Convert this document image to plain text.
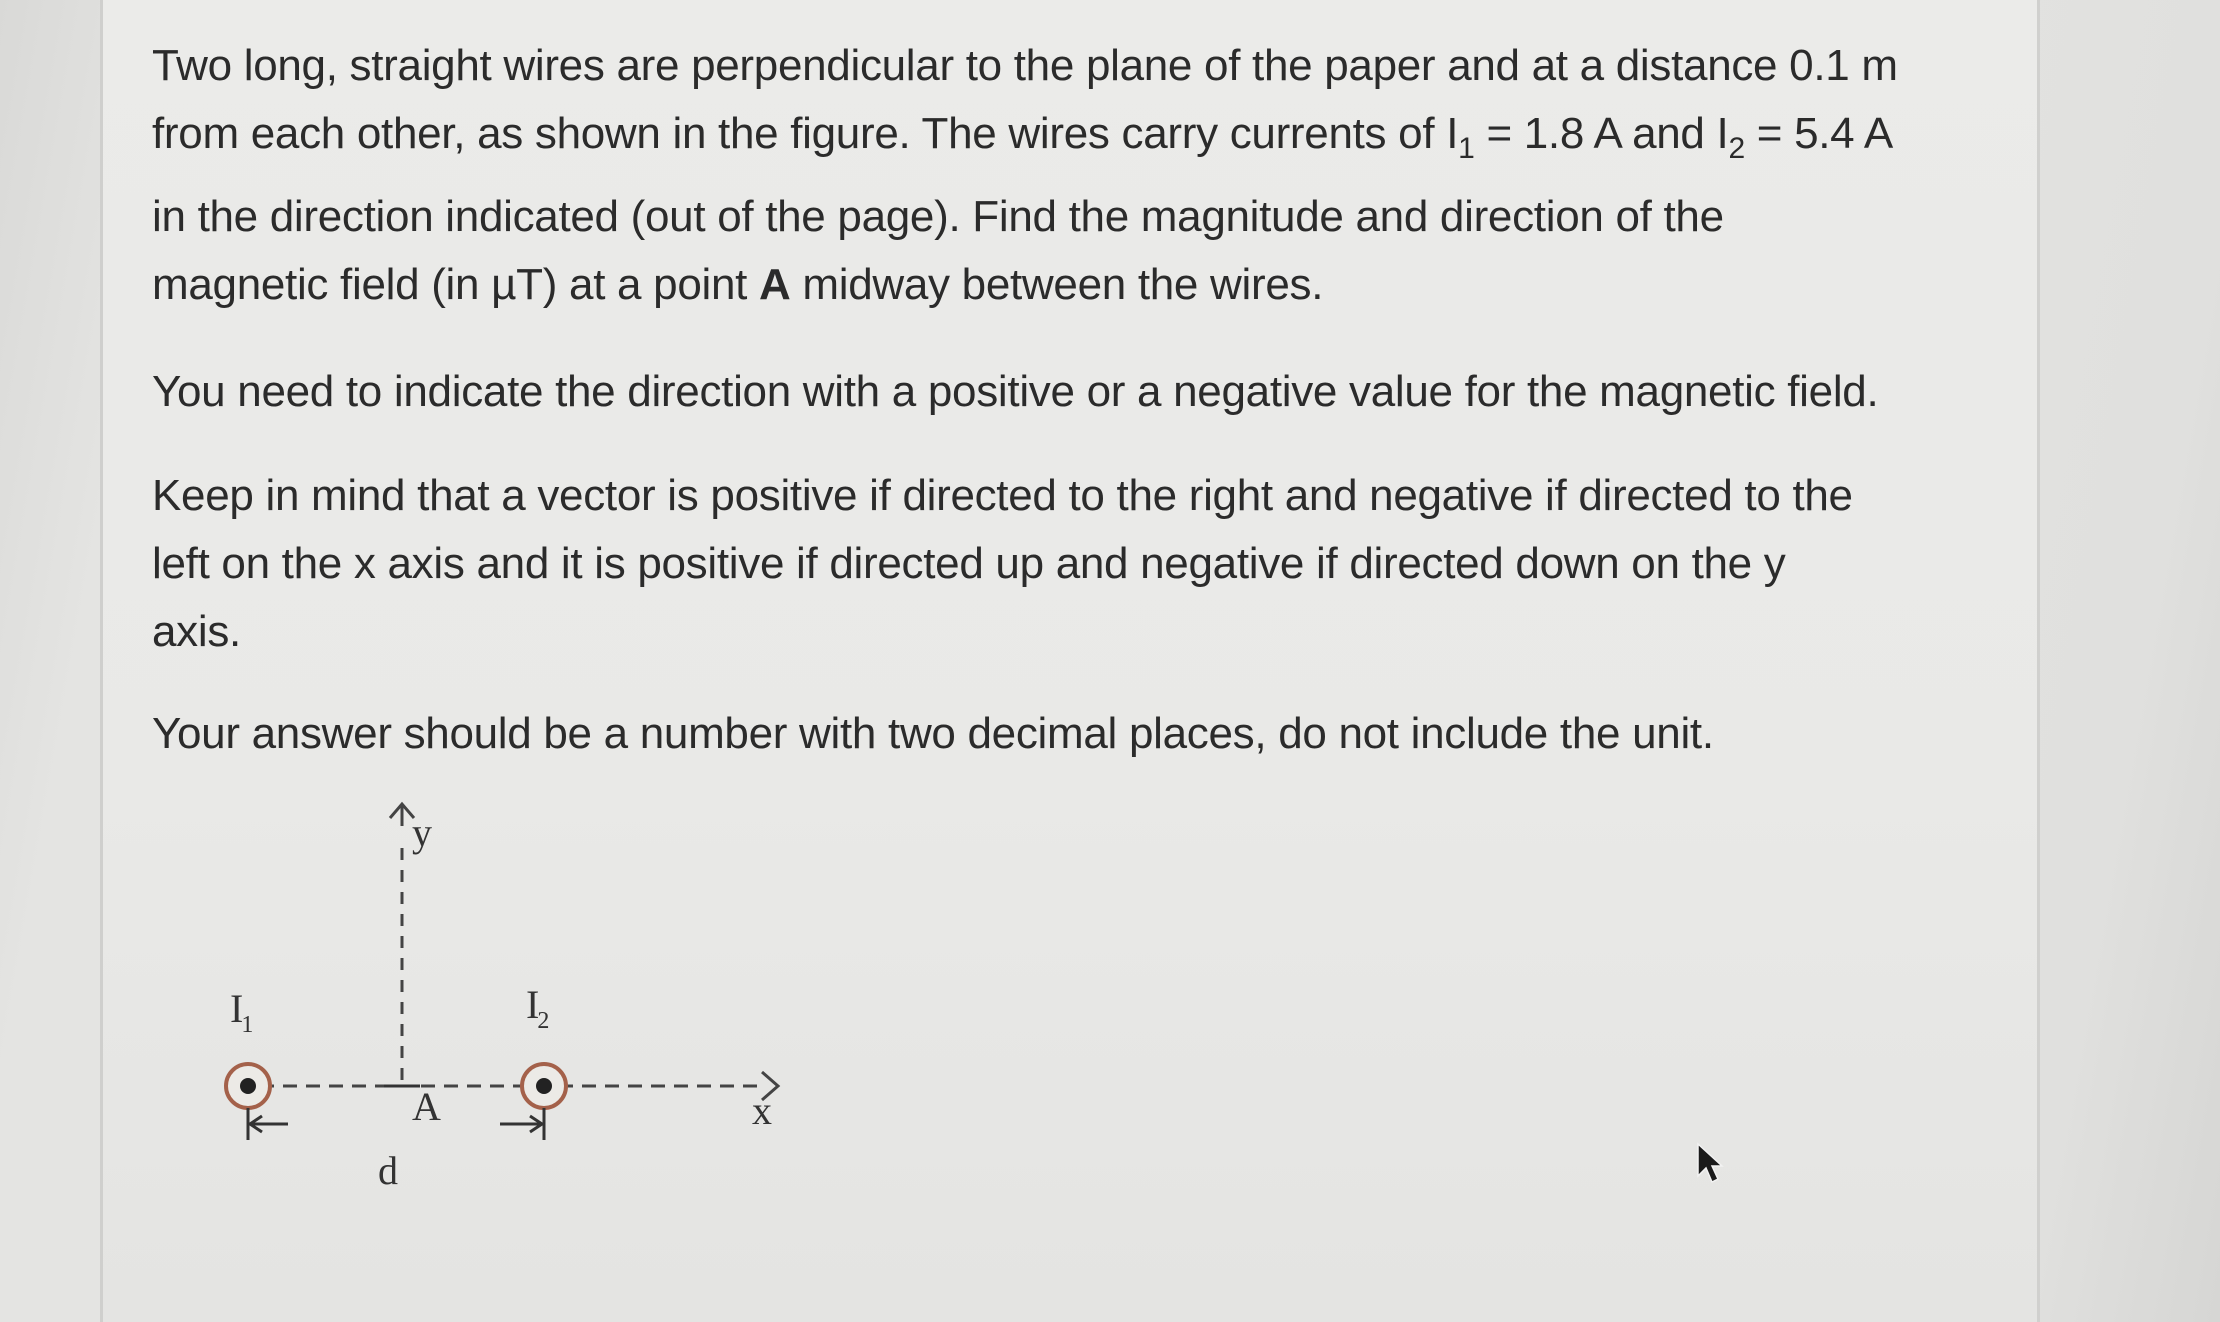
Two long, straight wires are perpendicular to the plane of the paper and at a distance 0.1 m
from each other, as shown in the figure. The wires carry currents of $I_1 = 1.8$ A and $I_2 = 5.4$ A
in the direction indicated (out of the page). Find the magnitude and direction of the
magnetic field (in µT) at a point A midway between the wires.

You need to indicate the direction with a positive or a negative value for the magnetic field.

Keep in mind that a vector is positive if directed to the right and negative if directed to the
left on the x axis and it is positive if directed up and negative if directed down on the y
axis.

Your answer should be a number with two decimal places, do not include the unit.

y
x
I1	I2
A
d
